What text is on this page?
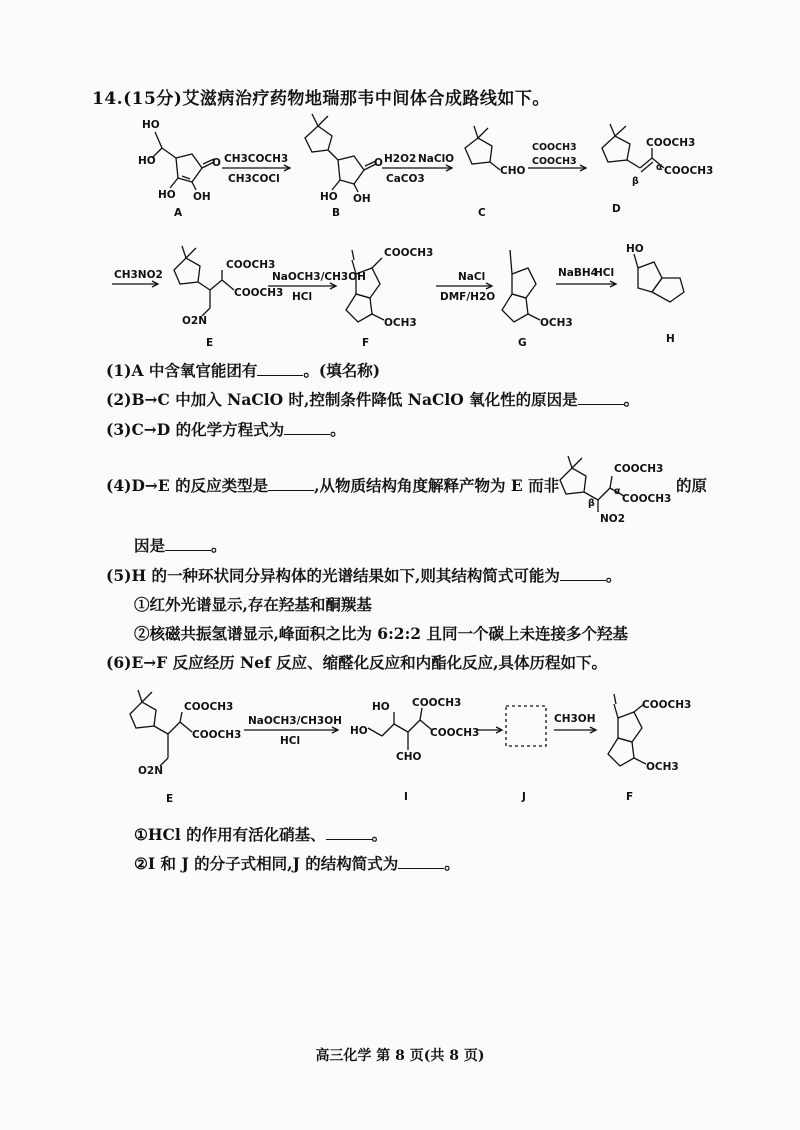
14.(15分)艾滋病治疗药物地瑞那韦中间体合成路线如下。
HO
HO	O
HO OH
CH3COCH3
CH3COCl
O
HO OH
H2O2 NaClO
CaCO3
CHO
COOCH3
COOCH3
COOCH3
COOCH3
α
β
A	B	C	D
CH3NO2
COOCH3
COOCH3
O2N
NaOCH3/CH3OH
HCl
COOCH3
OCH3
NaCl
DMF/H2O
OCH3
NaBH4
HCl
HO
E	F	G	H
(1)A 中含氧官能团有	。(填名称)
(2)B→C 中加入 NaClO 时,控制条件降低 NaClO 氧化性的原因是	。
(3)C→D 的化学方程式为	。
(4)D→E 的反应类型是	,从物质结构角度解释产物为 E 而非
COOCH3
COOCH3
α
β
NO2
的原
因是	。
(5)H 的一种环状同分异构体的光谱结果如下,则其结构简式可能为	。
①红外光谱显示,存在羟基和酮羰基
②核磁共振氢谱显示,峰面积之比为 6:2:2 且同一个碳上未连接多个羟基
(6)E→F 反应经历 Nef 反应、缩醛化反应和内酯化反应,具体历程如下。
COOCH3
COOCH3
O2N
NaOCH3/CH3OH
HCl
HO
HO
COOCH3
COOCH3
CHO
CH3OH
COOCH3
OCH3
E	I	J	F
①HCl 的作用有活化硝基、	。
②I 和 J 的分子式相同,J 的结构简式为	。
高三化学 第 8 页(共 8 页)
